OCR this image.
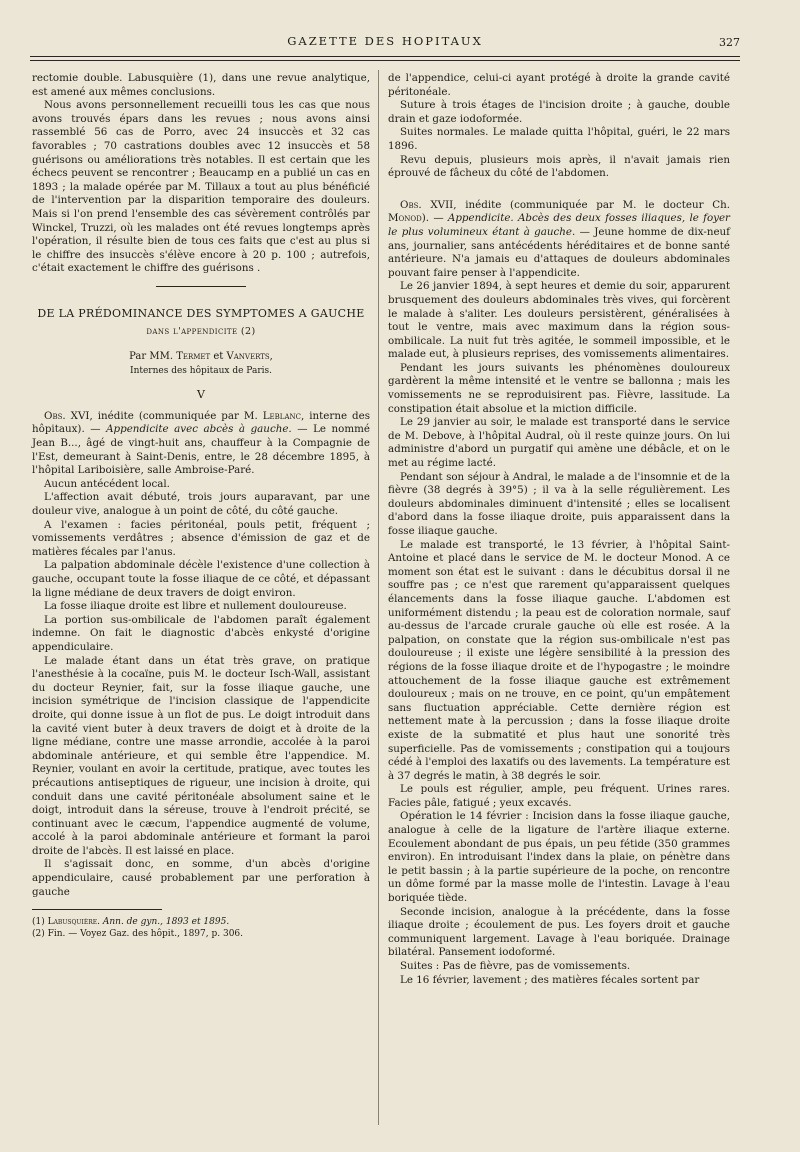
GAZETTE DES HOPITAUX	327

rectomie double. Labusquière (1), dans une revue analytique, est amené aux mêmes conclusions.

Nous avons personnellement recueilli tous les cas que nous avons trouvés épars dans les revues ; nous avons ainsi rassemblé 56 cas de Porro, avec 24 insuccès et 32 cas favorables ; 70 castrations doubles avec 12 insuccès et 58 guérisons ou améliorations très notables. Il est certain que les échecs peuvent se rencontrer ; Beaucamp en a publié un cas en 1893 ; la malade opérée par M. Tillaux a tout au plus bénéficié de l'intervention par la disparition temporaire des douleurs. Mais si l'on prend l'ensemble des cas sévèrement contrôlés par Winckel, Truzzi, où les malades ont été revues longtemps après l'opération, il résulte bien de tous ces faits que c'est au plus si le chiffre des insuccès s'élève encore à 20 p. 100 ; autrefois, c'était exactement le chiffre des guérisons .

DE LA PRÉDOMINANCE DES SYMPTOMES A GAUCHE

dans l'appendicite (2)

Par MM. Termet et Vanverts,

Internes des hôpitaux de Paris.

V

Obs. XVI, inédite (communiquée par M. Leblanc, interne des hôpitaux). — Appendicite avec abcès à gauche. — Le nommé Jean B..., âgé de vingt-huit ans, chauffeur à la Compagnie de l'Est, demeurant à Saint-Denis, entre, le 28 décembre 1895, à l'hôpital Lariboisière, salle Ambroise-Paré.

Aucun antécédent local.

L'affection avait débuté, trois jours auparavant, par une douleur vive, analogue à un point de côté, du côté gauche.

A l'examen : facies péritonéal, pouls petit, fréquent ; vomissements verdâtres ; absence d'émission de gaz et de matières fécales par l'anus.

La palpation abdominale décèle l'existence d'une collection à gauche, occupant toute la fosse iliaque de ce côté, et dépassant la ligne médiane de deux travers de doigt environ.

La fosse iliaque droite est libre et nullement douloureuse.

La portion sus-ombilicale de l'abdomen paraît également indemne. On fait le diagnostic d'abcès enkysté d'origine appendiculaire.

Le malade étant dans un état très grave, on pratique l'anesthésie à la cocaïne, puis M. le docteur Isch-Wall, assistant du docteur Reynier, fait, sur la fosse iliaque gauche, une incision symétrique de l'incision classique de l'appendicite droite, qui donne issue à un flot de pus. Le doigt introduit dans la cavité vient buter à deux travers de doigt et à droite de la ligne médiane, contre une masse arrondie, accolée à la paroi abdominale antérieure, et qui semble être l'appendice. M. Reynier, voulant en avoir la certitude, pratique, avec toutes les précautions antiseptiques de rigueur, une incision à droite, qui conduit dans une cavité péritonéale absolument saine et le doigt, introduit dans la séreuse, trouve à l'endroit précité, se continuant avec le cæcum, l'appendice augmenté de volume, accolé à la paroi abdominale antérieure et formant la paroi droite de l'abcès. Il est laissé en place.

Il s'agissait donc, en somme, d'un abcès d'origine appendiculaire, causé probablement par une perforation à gauche

(1) Labusquière. Ann. de gyn., 1893 et 1895.

(2) Fin. — Voyez Gaz. des hôpit., 1897, p. 306.

de l'appendice, celui-ci ayant protégé à droite la grande cavité péritonéale.

Suture à trois étages de l'incision droite ; à gauche, double drain et gaze iodoformée.

Suites normales. Le malade quitta l'hôpital, guéri, le 22 mars 1896.

Revu depuis, plusieurs mois après, il n'avait jamais rien éprouvé de fâcheux du côté de l'abdomen.

Obs. XVII, inédite (communiquée par M. le docteur Ch. Monod). — Appendicite. Abcès des deux fosses iliaques, le foyer le plus volumineux étant à gauche. — Jeune homme de dix-neuf ans, journalier, sans antécédents héréditaires et de bonne santé antérieure. N'a jamais eu d'attaques de douleurs abdominales pouvant faire penser à l'appendicite.

Le 26 janvier 1894, à sept heures et demie du soir, apparurent brusquement des douleurs abdominales très vives, qui forcèrent le malade à s'aliter. Les douleurs persistèrent, généralisées à tout le ventre, mais avec maximum dans la région sous-ombilicale. La nuit fut très agitée, le sommeil impossible, et le malade eut, à plusieurs reprises, des vomissements alimentaires.

Pendant les jours suivants les phénomènes douloureux gardèrent la même intensité et le ventre se ballonna ; mais les vomissements ne se reproduisirent pas. Fièvre, lassitude. La constipation était absolue et la miction difficile.

Le 29 janvier au soir, le malade est transporté dans le service de M. Debove, à l'hôpital Audral, où il reste quinze jours. On lui administre d'abord un purgatif qui amène une débâcle, et on le met au régime lacté.

Pendant son séjour à Andral, le malade a de l'insomnie et de la fièvre (38 degrés à 39°5) ; il va à la selle régulièrement. Les douleurs abdominales diminuent d'intensité ; elles se localisent d'abord dans la fosse iliaque droite, puis apparaissent dans la fosse iliaque gauche.

Le malade est transporté, le 13 février, à l'hôpital Saint-Antoine et placé dans le service de M. le docteur Monod. A ce moment son état est le suivant : dans le décubitus dorsal il ne souffre pas ; ce n'est que rarement qu'apparaissent quelques élancements dans la fosse iliaque gauche. L'abdomen est uniformément distendu ; la peau est de coloration normale, sauf au-dessus de l'arcade crurale gauche où elle est rosée. A la palpation, on constate que la région sus-ombilicale n'est pas douloureuse ; il existe une légère sensibilité à la pression des régions de la fosse iliaque droite et de l'hypogastre ; le moindre attouchement de la fosse iliaque gauche est extrêmement douloureux ; mais on ne trouve, en ce point, qu'un empâtement sans fluctuation appréciable. Cette dernière région est nettement mate à la percussion ; dans la fosse iliaque droite existe de la submatité et plus haut une sonorité très superficielle. Pas de vomissements ; constipation qui a toujours cédé à l'emploi des laxatifs ou des lavements. La température est à 37 degrés le matin, à 38 degrés le soir.

Le pouls est régulier, ample, peu fréquent. Urines rares. Facies pâle, fatigué ; yeux excavés.

Opération le 14 février : Incision dans la fosse iliaque gauche, analogue à celle de la ligature de l'artère iliaque externe. Ecoulement abondant de pus épais, un peu fétide (350 grammes environ). En introduisant l'index dans la plaie, on pénètre dans le petit bassin ; à la partie supérieure de la poche, on rencontre un dôme formé par la masse molle de l'intestin. Lavage à l'eau boriquée tiède.

Seconde incision, analogue à la précédente, dans la fosse iliaque droite ; écoulement de pus. Les foyers droit et gauche communiquent largement. Lavage à l'eau boriquée. Drainage bilatéral. Pansement iodoformé.

Suites : Pas de fièvre, pas de vomissements.

Le 16 février, lavement ; des matières fécales sortent par
